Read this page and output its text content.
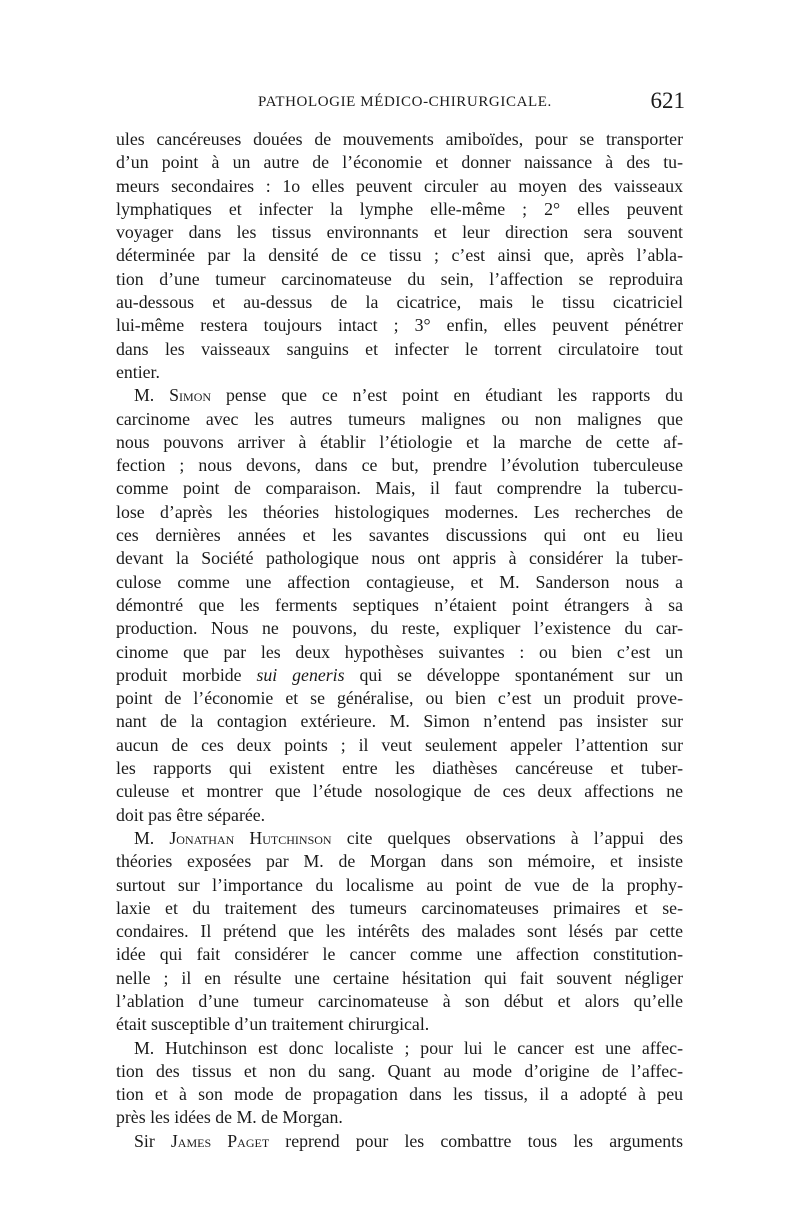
PATHOLOGIE MÉDICO-CHIRURGICALE.	621
ules cancéreuses douées de mouvements amiboïdes, pour se transporter
d’un point à un autre de l’économie et donner naissance à des tu-
meurs secondaires : 1o elles peuvent circuler au moyen des vaisseaux
lymphatiques et infecter la lymphe elle-même ; 2° elles peuvent
voyager dans les tissus environnants et leur direction sera souvent
déterminée par la densité de ce tissu ; c’est ainsi que, après l’abla-
tion d’une tumeur carcinomateuse du sein, l’affection se reproduira
au-dessous et au-dessus de la cicatrice, mais le tissu cicatriciel
lui-même restera toujours intact ; 3° enfin, elles peuvent pénétrer
dans les vaisseaux sanguins et infecter le torrent circulatoire tout
entier.
M. Simon pense que ce n’est point en étudiant les rapports du
carcinome avec les autres tumeurs malignes ou non malignes que
nous pouvons arriver à établir l’étiologie et la marche de cette af-
fection ; nous devons, dans ce but, prendre l’évolution tuberculeuse
comme point de comparaison. Mais, il faut comprendre la tubercu-
lose d’après les théories histologiques modernes. Les recherches de
ces dernières années et les savantes discussions qui ont eu lieu
devant la Société pathologique nous ont appris à considérer la tuber-
culose comme une affection contagieuse, et M. Sanderson nous a
démontré que les ferments septiques n’étaient point étrangers à sa
production. Nous ne pouvons, du reste, expliquer l’existence du car-
cinome que par les deux hypothèses suivantes : ou bien c’est un
produit morbide sui generis qui se développe spontanément sur un
point de l’économie et se généralise, ou bien c’est un produit prove-
nant de la contagion extérieure. M. Simon n’entend pas insister sur
aucun de ces deux points ; il veut seulement appeler l’attention sur
les rapports qui existent entre les diathèses cancéreuse et tuber-
culeuse et montrer que l’étude nosologique de ces deux affections ne
doit pas être séparée.
M. Jonathan Hutchinson cite quelques observations à l’appui des
théories exposées par M. de Morgan dans son mémoire, et insiste
surtout sur l’importance du localisme au point de vue de la prophy-
laxie et du traitement des tumeurs carcinomateuses primaires et se-
condaires. Il prétend que les intérêts des malades sont lésés par cette
idée qui fait considérer le cancer comme une affection constitution-
nelle ; il en résulte une certaine hésitation qui fait souvent négliger
l’ablation d’une tumeur carcinomateuse à son début et alors qu’elle
était susceptible d’un traitement chirurgical.
M. Hutchinson est donc localiste ; pour lui le cancer est une affec-
tion des tissus et non du sang. Quant au mode d’origine de l’affec-
tion et à son mode de propagation dans les tissus, il a adopté à peu
près les idées de M. de Morgan.
Sir James Paget reprend pour les combattre tous les arguments
